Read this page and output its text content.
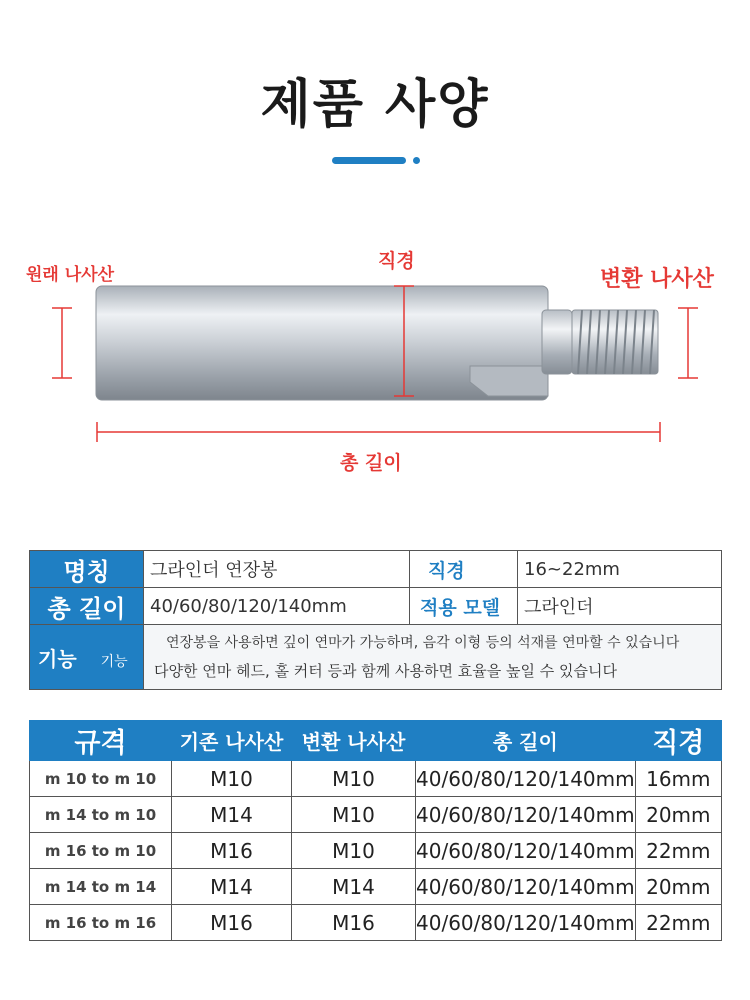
제품 사양
원래 나사산
직경
변환 나사산
총 길이
명칭	그라인더 연장봉	직경	16~22mm
총 길이	40/60/80/120/140mm	적용 모델	그라인더
기능 기능	연장봉을 사용하면 깊이 연마가 가능하며, 음각 이형 등의 석재를 연마할 수 있습니다
다양한 연마 헤드, 홀 커터 등과 함께 사용하면 효율을 높일 수 있습니다		
규격	기존 나사산	변환 나사산	총 길이	직경
m 10 to m 10	M10	M10	40/60/80/120/140mm	16mm
m 14 to m 10	M14	M10	40/60/80/120/140mm	20mm
m 16 to m 10	M16	M10	40/60/80/120/140mm	22mm
m 14 to m 14	M14	M14	40/60/80/120/140mm	20mm
m 16 to m 16	M16	M16	40/60/80/120/140mm	22mm
